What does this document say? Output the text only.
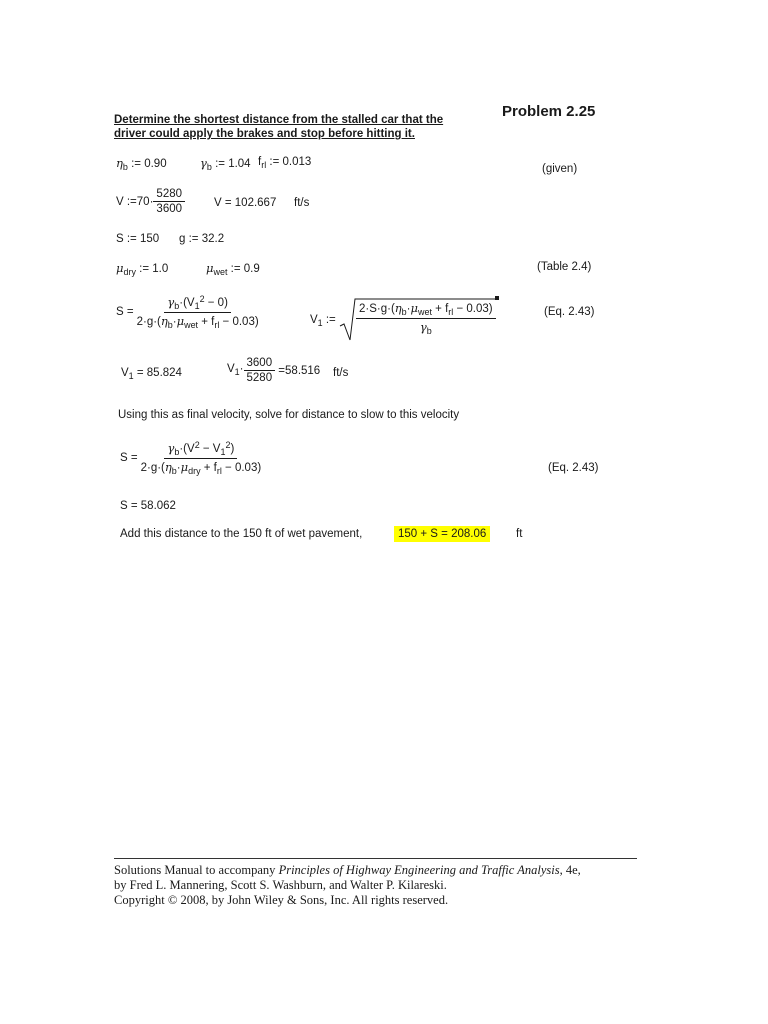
Determine the shortest distance from the stalled car that the
driver could apply the brakes and stop before hitting it.
Problem 2.25
$\eta_b$ := 0.90	$\gamma_b$ := 1.04 $f_{rl}$ := 0.013
(given)
V := $70 \cdot \frac{5280}{3600}$	V = 102.667 ft/s
S := 150 g := 32.2
$\mu_{dry}$ := 1.0	$\mu_{wet}$ := 0.9	(Table 2.4)
$S = \frac{\gamma_b\cdot(V_1^2 - 0)}{2\cdot g\cdot(\eta_b\cdot\mu_{wet} + f_{rl} - 0.03)}$	$V_1$ := $\frac{2\cdot S\cdot g\cdot(\eta_b\cdot\mu_{wet} + f_{rl} - 0.03)}{\gamma_b}$	(Eq. 2.43)
$V_1 = 85.824$	$V_1\cdot \frac{3600}{5280} = 58.516$ ft/s
Using this as final velocity, solve for distance to slow to this velocity
$S = \frac{\gamma_b\cdot(V^2 - V_1^2)}{2\cdot g\cdot(\eta_b\cdot\mu_{dry} + f_{rl} - 0.03)}$	(Eq. 2.43)
S = 58.062
Add this distance to the 150 ft of wet pavement,	150 + S = 208.06	ft
Solutions Manual to accompany Principles of Highway Engineering and Traffic Analysis, 4e,
by Fred L. Mannering, Scott S. Washburn, and Walter P. Kilareski.
Copyright © 2008, by John Wiley & Sons, Inc. All rights reserved.
